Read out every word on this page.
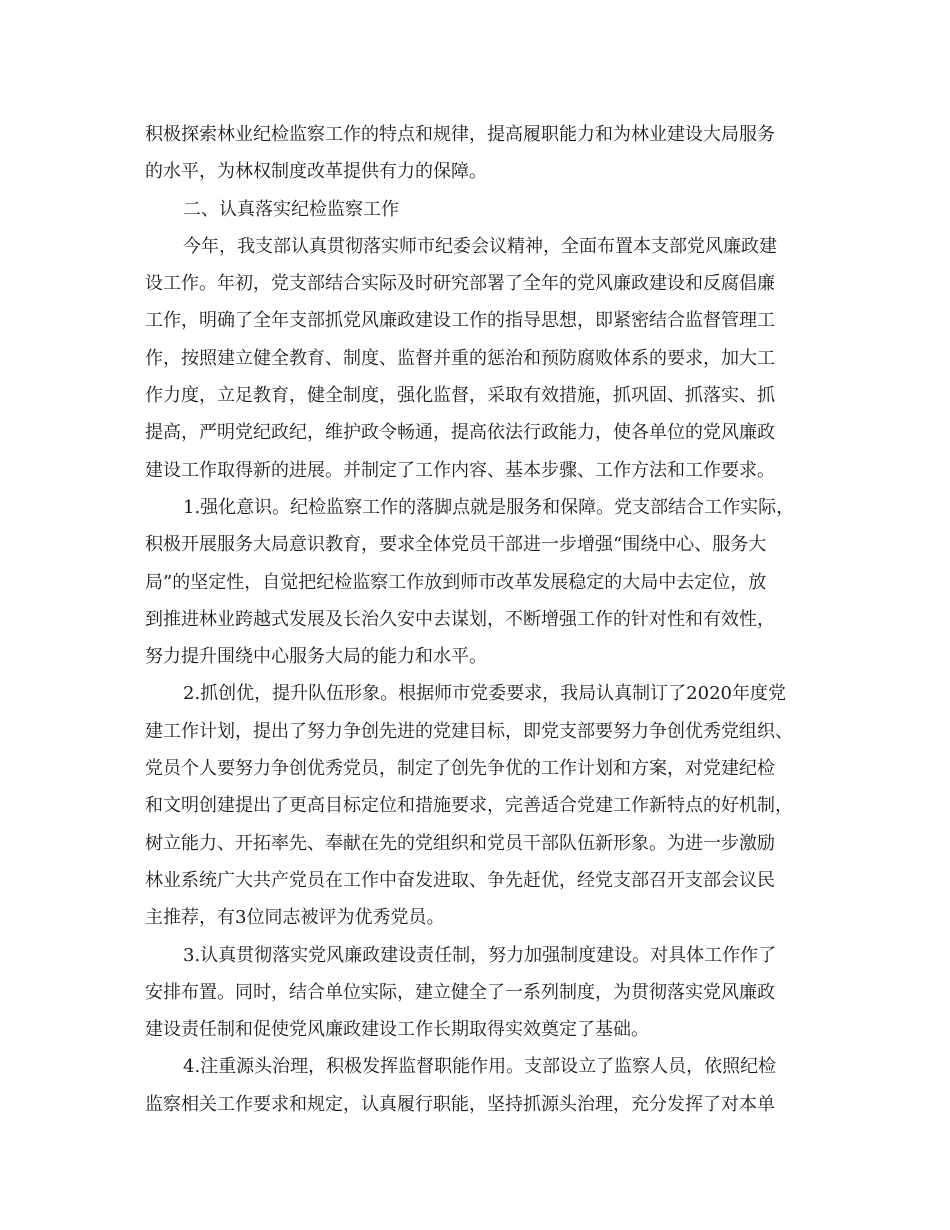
积极探索林业纪检监察工作的特点和规律，提高履职能力和为林业建设大局服务
的水平，为林权制度改革提供有力的保障。
二、认真落实纪检监察工作
今年，我支部认真贯彻落实师市纪委会议精神，全面布置本支部党风廉政建
设工作。年初，党支部结合实际及时研究部署了全年的党风廉政建设和反腐倡廉
工作，明确了全年支部抓党风廉政建设工作的指导思想，即紧密结合监督管理工
作，按照建立健全教育、制度、监督并重的惩治和预防腐败体系的要求，加大工
作力度，立足教育，健全制度，强化监督，采取有效措施，抓巩固、抓落实、抓
提高，严明党纪政纪，维护政令畅通，提高依法行政能力，使各单位的党风廉政
建设工作取得新的进展。并制定了工作内容、基本步骤、工作方法和工作要求。
1.强化意识。纪检监察工作的落脚点就是服务和保障。党支部结合工作实际，
积极开展服务大局意识教育，要求全体党员干部进一步增强“围绕中心、服务大
局”的坚定性，自觉把纪检监察工作放到师市改革发展稳定的大局中去定位，放
到推进林业跨越式发展及长治久安中去谋划，不断增强工作的针对性和有效性，
努力提升围绕中心服务大局的能力和水平。
2.抓创优，提升队伍形象。根据师市党委要求，我局认真制订了2020年度党
建工作计划，提出了努力争创先进的党建目标，即党支部要努力争创优秀党组织、
党员个人要努力争创优秀党员，制定了创先争优的工作计划和方案，对党建纪检
和文明创建提出了更高目标定位和措施要求，完善适合党建工作新特点的好机制，
树立能力、开拓率先、奉献在先的党组织和党员干部队伍新形象。为进一步激励
林业系统广大共产党员在工作中奋发进取、争先赶优，经党支部召开支部会议民
主推荐，有3位同志被评为优秀党员。
3.认真贯彻落实党风廉政建设责任制，努力加强制度建设。对具体工作作了
安排布置。同时，结合单位实际，建立健全了一系列制度，为贯彻落实党风廉政
建设责任制和促使党风廉政建设工作长期取得实效奠定了基础。
4.注重源头治理，积极发挥监督职能作用。支部设立了监察人员，依照纪检
监察相关工作要求和规定，认真履行职能，坚持抓源头治理，充分发挥了对本单
